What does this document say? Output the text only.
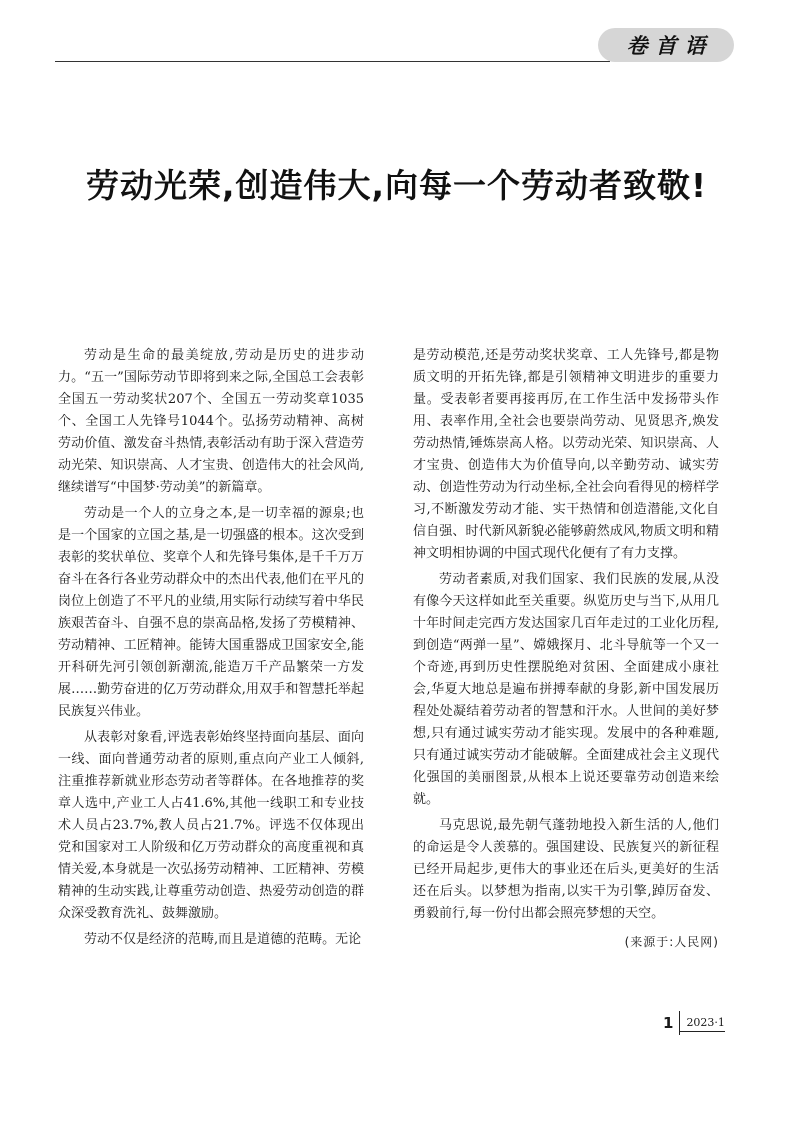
卷首语
劳动光荣,创造伟大,向每一个劳动者致敬!

劳动是生命的最美绽放,劳动是历史的进步动力。“五一”国际劳动节即将到来之际,全国总工会表彰全国五一劳动奖状207个、全国五一劳动奖章1035个、全国工人先锋号1044个。弘扬劳动精神、高树劳动价值、激发奋斗热情,表彰活动有助于深入营造劳动光荣、知识崇高、人才宝贵、创造伟大的社会风尚,继续谱写“中国梦·劳动美”的新篇章。

劳动是一个人的立身之本,是一切幸福的源泉;也是一个国家的立国之基,是一切强盛的根本。这次受到表彰的奖状单位、奖章个人和先锋号集体,是千千万万奋斗在各行各业劳动群众中的杰出代表,他们在平凡的岗位上创造了不平凡的业绩,用实际行动续写着中华民族艰苦奋斗、自强不息的崇高品格,发扬了劳模精神、劳动精神、工匠精神。能铸大国重器成卫国家安全,能开科研先河引领创新潮流,能造万千产品繁荣一方发展……勤劳奋进的亿万劳动群众,用双手和智慧托举起民族复兴伟业。

从表彰对象看,评选表彰始终坚持面向基层、面向一线、面向普通劳动者的原则,重点向产业工人倾斜,注重推荐新就业形态劳动者等群体。在各地推荐的奖章人选中,产业工人占41.6%,其他一线职工和专业技术人员占23.7%,教人员占21.7%。评选不仅体现出党和国家对工人阶级和亿万劳动群众的高度重视和真情关爱,本身就是一次弘扬劳动精神、工匠精神、劳模精神的生动实践,让尊重劳动创造、热爱劳动创造的群众深受教育洗礼、鼓舞激励。

劳动不仅是经济的范畴,而且是道德的范畴。无论

是劳动模范,还是劳动奖状奖章、工人先锋号,都是物质文明的开拓先锋,都是引领精神文明进步的重要力量。受表彰者要再接再厉,在工作生活中发扬带头作用、表率作用,全社会也要崇尚劳动、见贤思齐,焕发劳动热情,锤炼崇高人格。以劳动光荣、知识崇高、人才宝贵、创造伟大为价值导向,以辛勤劳动、诚实劳动、创造性劳动为行动坐标,全社会向看得见的榜样学习,不断激发劳动才能、实干热情和创造潜能,文化自信自强、时代新风新貌必能够蔚然成风,物质文明和精神文明相协调的中国式现代化便有了有力支撑。

劳动者素质,对我们国家、我们民族的发展,从没有像今天这样如此至关重要。纵览历史与当下,从用几十年时间走完西方发达国家几百年走过的工业化历程,到创造“两弹一星”、嫦娥探月、北斗导航等一个又一个奇迹,再到历史性摆脱绝对贫困、全面建成小康社会,华夏大地总是遍布拼搏奉献的身影,新中国发展历程处处凝结着劳动者的智慧和汗水。人世间的美好梦想,只有通过诚实劳动才能实现。发展中的各种难题,只有通过诚实劳动才能破解。全面建成社会主义现代化强国的美丽图景,从根本上说还要靠劳动创造来绘就。

马克思说,最先朝气蓬勃地投入新生活的人,他们的命运是令人羡慕的。强国建设、民族复兴的新征程已经开局起步,更伟大的事业还在后头,更美好的生活还在后头。以梦想为指南,以实干为引擎,踔厉奋发、勇毅前行,每一份付出都会照亮梦想的天空。

(来源于:人民网)
1	2023·1
